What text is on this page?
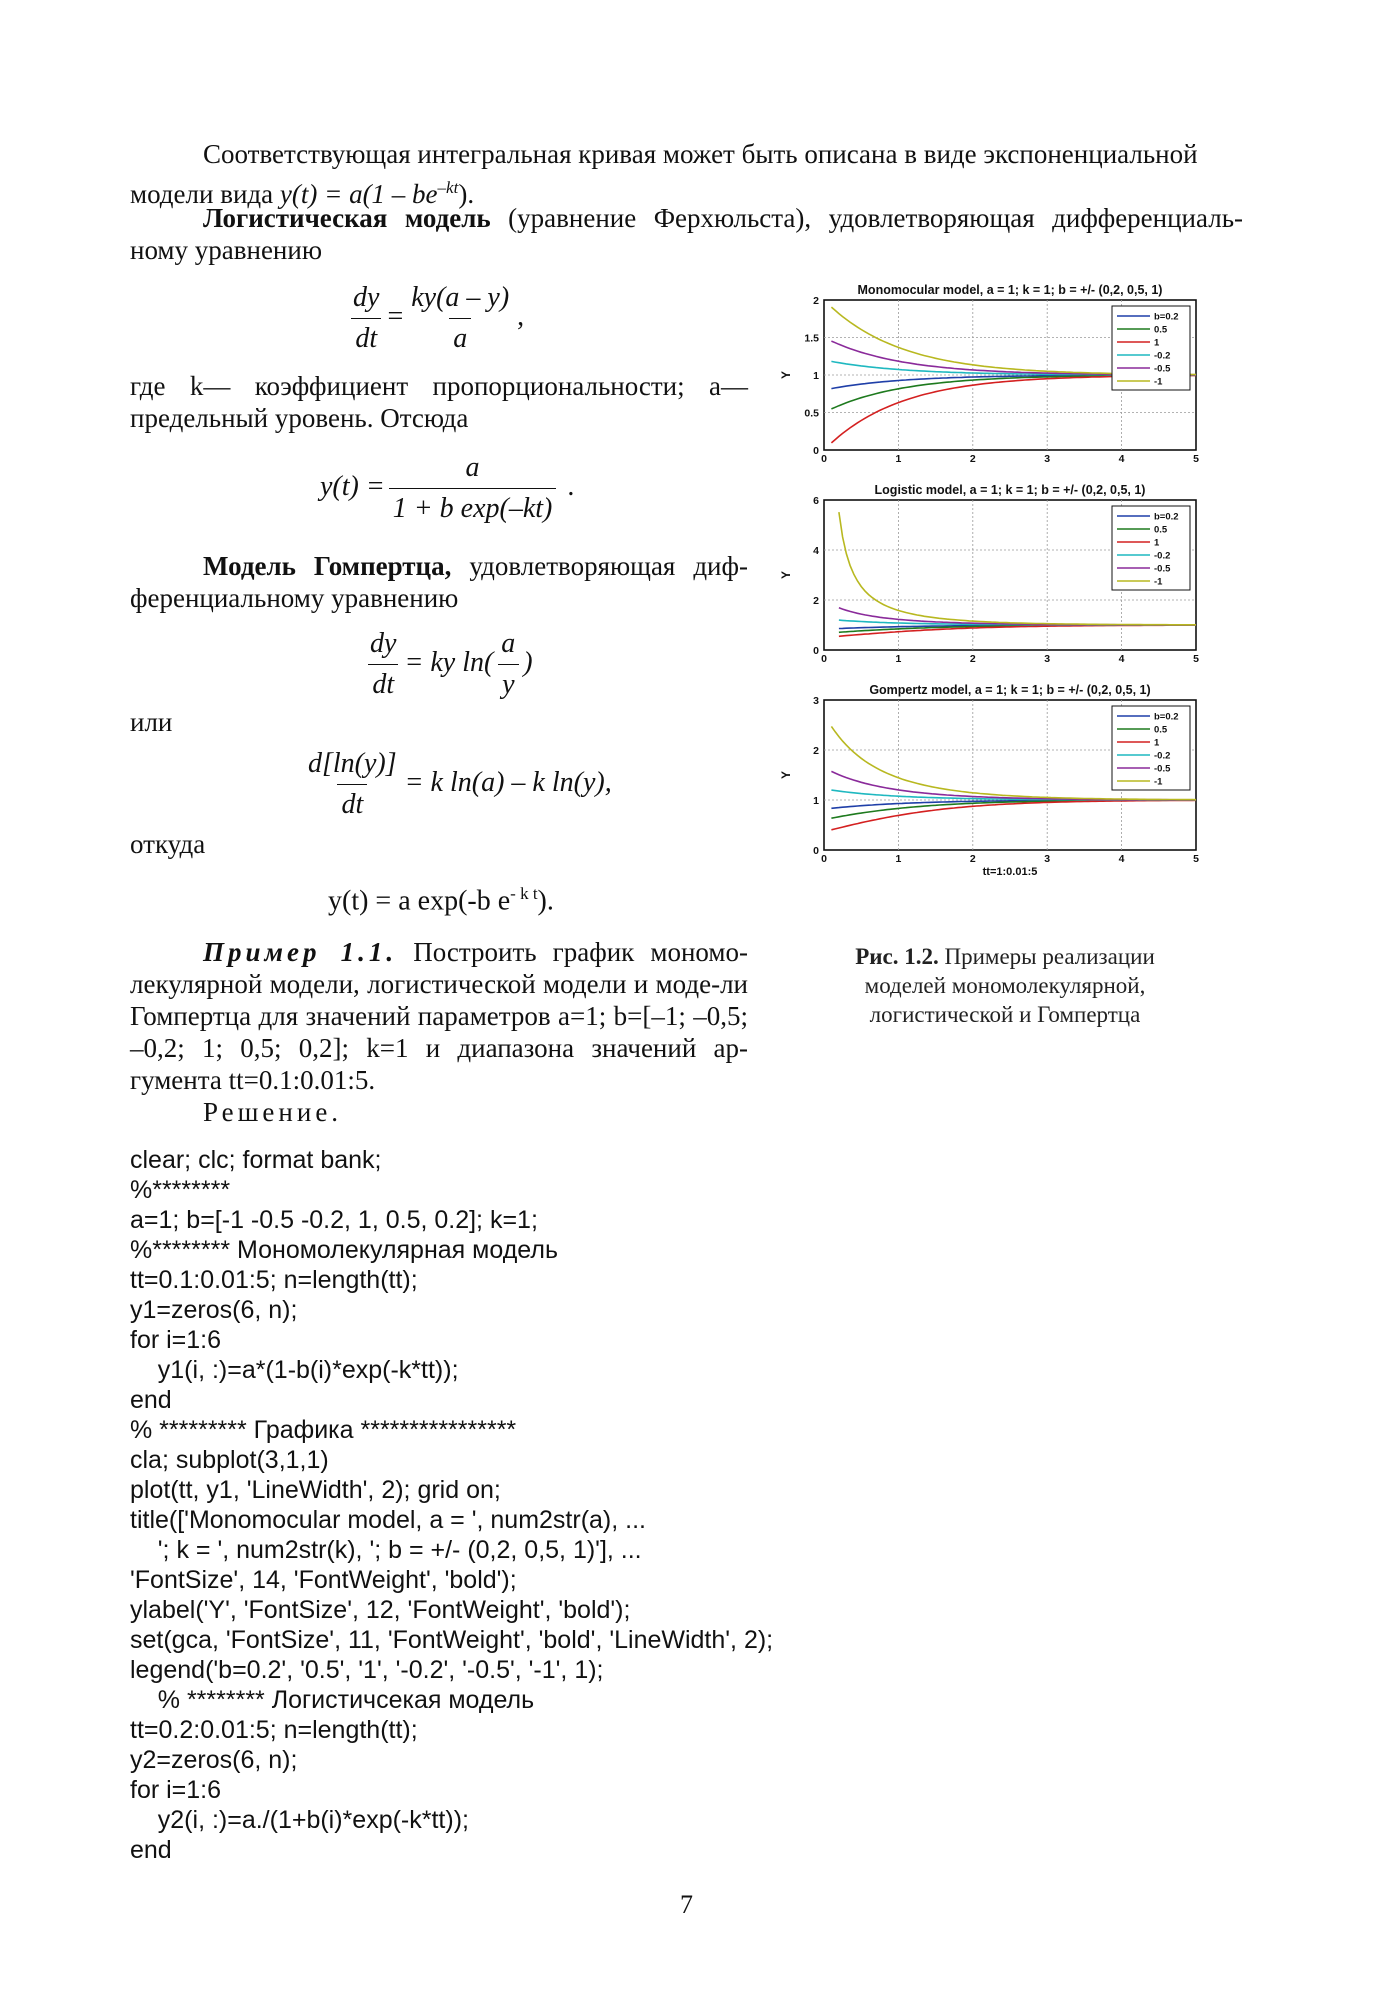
Соответствующая интегральная кривая может быть описана в виде экспоненциальной
модели вида $y(t) = a(1 - be^{-kt})$.
Логистическая модель (уравнение Ферхюльста), удовлетворяющая дифференциаль-ному уравнению
$\frac{dy}{dt} = \frac{ky(a - y)}{a}$ ,
где k— коэффициент пропорциональности; a— предельный уровень. Отсюда
$y(t) = \frac{a}{\text{1 + b exp(–kt)}}$ .
Модель Гомпертца, удовлетворяющая диф-ференциальному уравнению
$\frac{dy}{dt}$ = ky $\ln( \frac{a}{y}$ )
или
$\frac{d[\ln(y)]}{dt} = k$ ln(a) – k ln(y),
откуда
y(t) = a exp(-b $e^{- k t}$).
Пример 1.1. Построить график мономо-лекулярной модели, логистической модели и моде-ли Гомпертца для значений параметров a=1; b=[–1; –0,5; –0,2; 1; 0,5; 0,2]; k=1 и диапазона значений ар-гумента tt=0.1:0.01:5.
Решение.
clear; clc; format bank;
%********
a=1; b=[-1 -0.5 -0.2, 1, 0.5, 0.2]; k=1;
%******** Мономолекулярная модель
tt=0.1:0.01:5; n=length(tt);
y1=zeros(6, n);
for i=1:6
y1(i, :)=a*(1-b(i)*exp(-k*tt));
end
% ********* Графика ****************
cla; subplot(3,1,1)
plot(tt, y1, 'LineWidth', 2); grid on;
title(['Monomocular model, a = ', num2str(a), ...
'; k = ', num2str(k), '; b = +/- (0,2, 0,5, 1)'], ...
'FontSize', 14, 'FontWeight', 'bold');
ylabel('Y', 'FontSize', 12, 'FontWeight', 'bold');
set(gca, 'FontSize', 11, 'FontWeight', 'bold', 'LineWidth', 2);
legend('b=0.2', '0.5', '1', '-0.2', '-0.5', '-1', 1);
% ******** Логистичсекая модель
tt=0.2:0.01:5; n=length(tt);
y2=zeros(6, n);
for i=1:6
y2(i, :)=a./(1+b(i)*exp(-k*tt));
end
Monomocular model, a = 1; k = 1; b = +/- (0,2, 0,5, 1)
0	1	2	3	4	5
0
0.5
1
1.5
2
Y
b=0.2
0.5
1
-0.2
-0.5
-1
Logistic model, a = 1; k = 1; b = +/- (0,2, 0,5, 1)
0	1	2	3	4	5
0
2
4
6
Y
b=0.2
0.5
1
-0.2
-0.5
-1
Gompertz model, a = 1; k = 1; b = +/- (0,2, 0,5, 1)
0	1	2	3	4	5
0
1
2
3
Y
tt=1:0.01:5
b=0.2
0.5
1
-0.2
-0.5
-1
Рис. 1.2. Примеры реализации моделей мономолекулярной, логистической и Гомпертца
7
